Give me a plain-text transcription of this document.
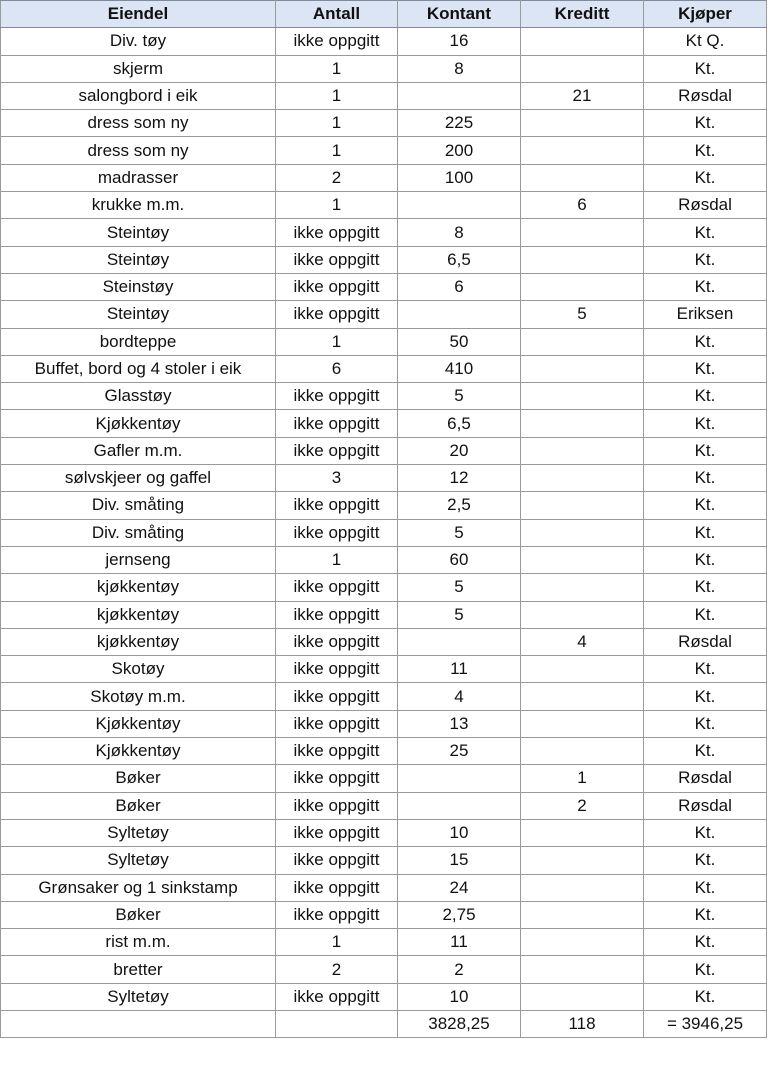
Eiendel	Antall	Kontant	Kreditt	Kjøper
Div. tøy	ikke oppgitt	16		Kt Q.
skjerm	1	8		Kt.
salongbord i eik	1		21	Røsdal
dress som ny	1	225		Kt.
dress som ny	1	200		Kt.
madrasser	2	100		Kt.
krukke m.m.	1		6	Røsdal
Steintøy	ikke oppgitt	8		Kt.
Steintøy	ikke oppgitt	6,5		Kt.
Steinstøy	ikke oppgitt	6		Kt.
Steintøy	ikke oppgitt		5	Eriksen
bordteppe	1	50		Kt.
Buffet, bord og 4 stoler i eik	6	410		Kt.
Glasstøy	ikke oppgitt	5		Kt.
Kjøkkentøy	ikke oppgitt	6,5		Kt.
Gafler m.m.	ikke oppgitt	20		Kt.
sølvskjeer og gaffel	3	12		Kt.
Div. småting	ikke oppgitt	2,5		Kt.
Div. småting	ikke oppgitt	5		Kt.
jernseng	1	60		Kt.
kjøkkentøy	ikke oppgitt	5		Kt.
kjøkkentøy	ikke oppgitt	5		Kt.
kjøkkentøy	ikke oppgitt		4	Røsdal
Skotøy	ikke oppgitt	11		Kt.
Skotøy m.m.	ikke oppgitt	4		Kt.
Kjøkkentøy	ikke oppgitt	13		Kt.
Kjøkkentøy	ikke oppgitt	25		Kt.
Bøker	ikke oppgitt		1	Røsdal
Bøker	ikke oppgitt		2	Røsdal
Syltetøy	ikke oppgitt	10		Kt.
Syltetøy	ikke oppgitt	15		Kt.
Grønsaker og 1 sinkstamp	ikke oppgitt	24		Kt.
Bøker	ikke oppgitt	2,75		Kt.
rist m.m.	1	11		Kt.
bretter	2	2		Kt.
Syltetøy	ikke oppgitt	10		Kt.
		3828,25	118	= 3946,25
